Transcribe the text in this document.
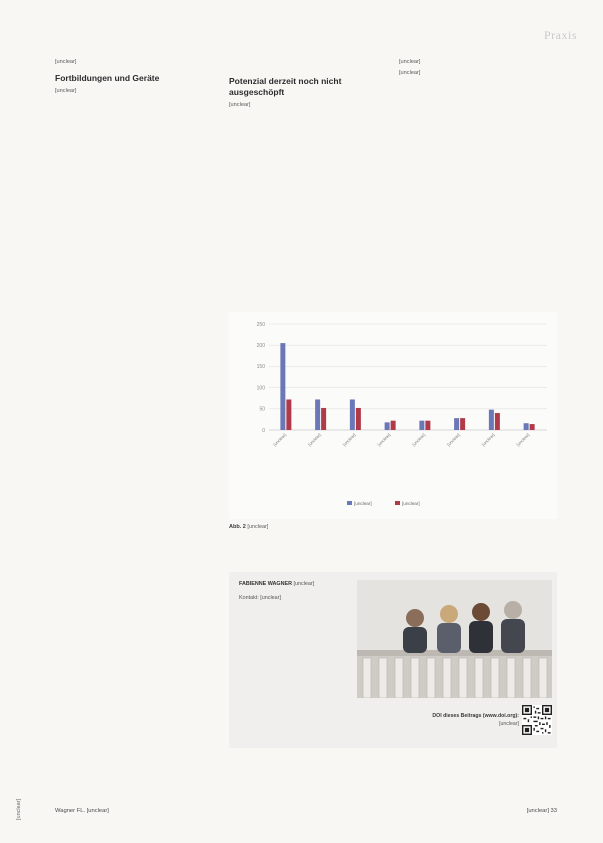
Praxis
[unclear]

[unclear]

Fortbildungen und Geräte

[unclear]

Potenzial derzeit noch nicht ausgeschöpft

[unclear]

[unclear]

[unclear]

250
200
150
100
50
0
[unclear]	[unclear]	[unclear]	[unclear]	[unclear]	[unclear]	[unclear]	[unclear]
[unclear]	[unclear]
Abb. 2 [unclear]
FABIENNE WAGNER [unclear]
Kontakt: [unclear]
DOI dieses Beitrags (www.doi.org):
[unclear]
Wagner FL. [unclear]	[unclear] 33
